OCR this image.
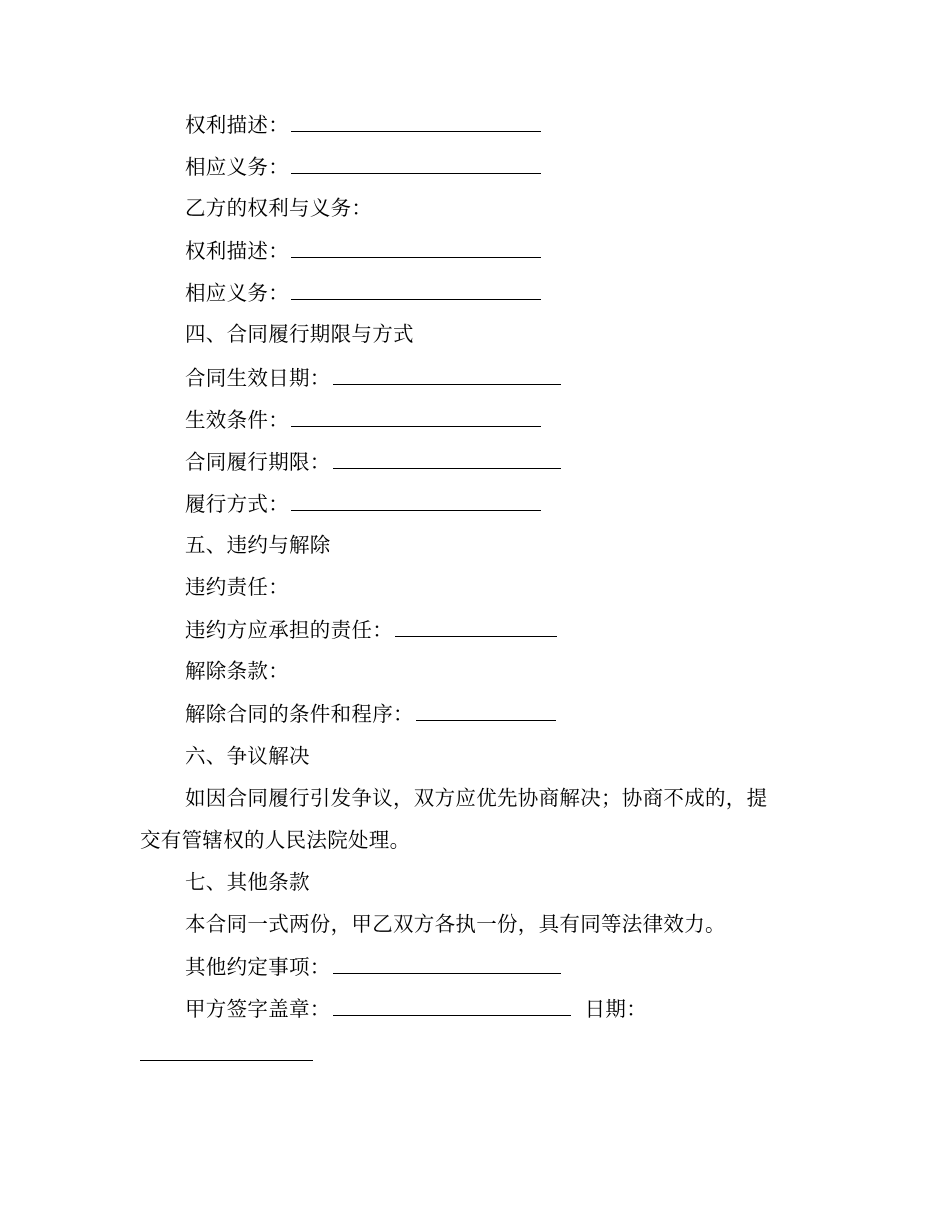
权利描述：
相应义务：
乙方的权利与义务：
权利描述：
相应义务：
四、合同履行期限与方式
合同生效日期：
生效条件：
合同履行期限：
履行方式：
五、违约与解除
违约责任：
违约方应承担的责任：
解除条款：
解除合同的条件和程序：
六、争议解决
如因合同履行引发争议，双方应优先协商解决；协商不成的，提
交有管辖权的人民法院处理。
七、其他条款
本合同一式两份，甲乙双方各执一份，具有同等法律效力。
其他约定事项：
甲方签字盖章：	日期：
